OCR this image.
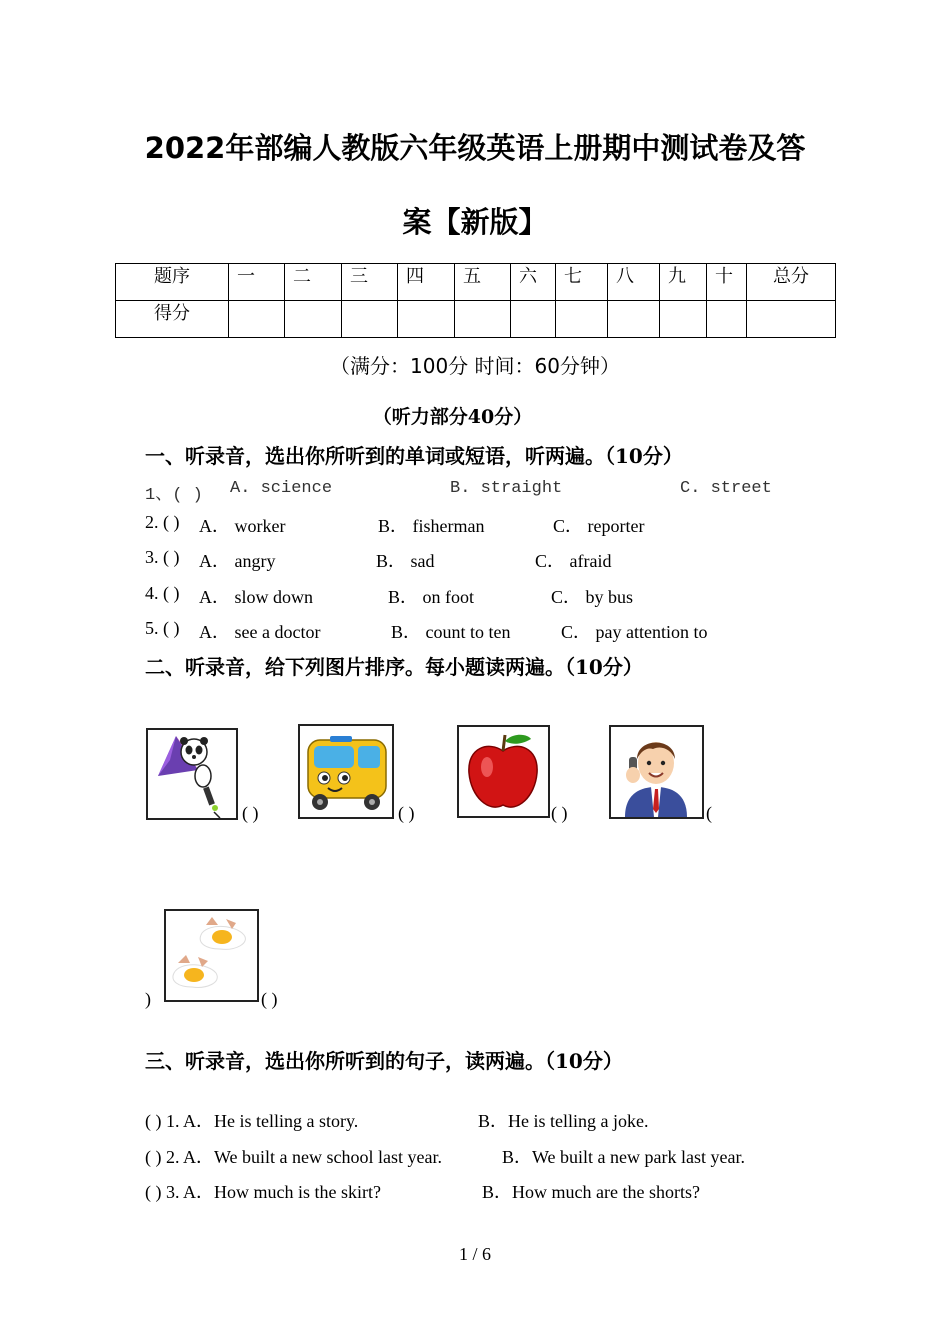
2022年部编人教版六年级英语上册期中测试卷及答
案【新版】
题序	一	二	三	四	五	六	七	八	九	十	总分
得分											
（满分：100分 时间：60分钟）
（听力部分40分）
一、听录音，选出你所听到的单词或短语，听两遍。（10分）
1、( ) A. science	B. straight	C. street
2. ( ) A． worker	B． fisherman	C． reporter
3. ( ) A． angry	B． sad	C． afraid
4. ( ) A． slow down	B． on foot	C． by bus
5. ( ) A． see a doctor	B． count to ten	C． pay attention to
二、听录音，给下列图片排序。每小题读两遍。（10分）
( )	( )	( )	(
)	( )
三、听录音，选出你所听到的句子，读两遍。（10分）
( ) 1. A．He is telling a story.	B．He is telling a joke.
( ) 2. A．We built a new school last year.	B．We built a new park last year.
( ) 3. A．How much is the skirt?	B．How much are the shorts?
1 / 6
